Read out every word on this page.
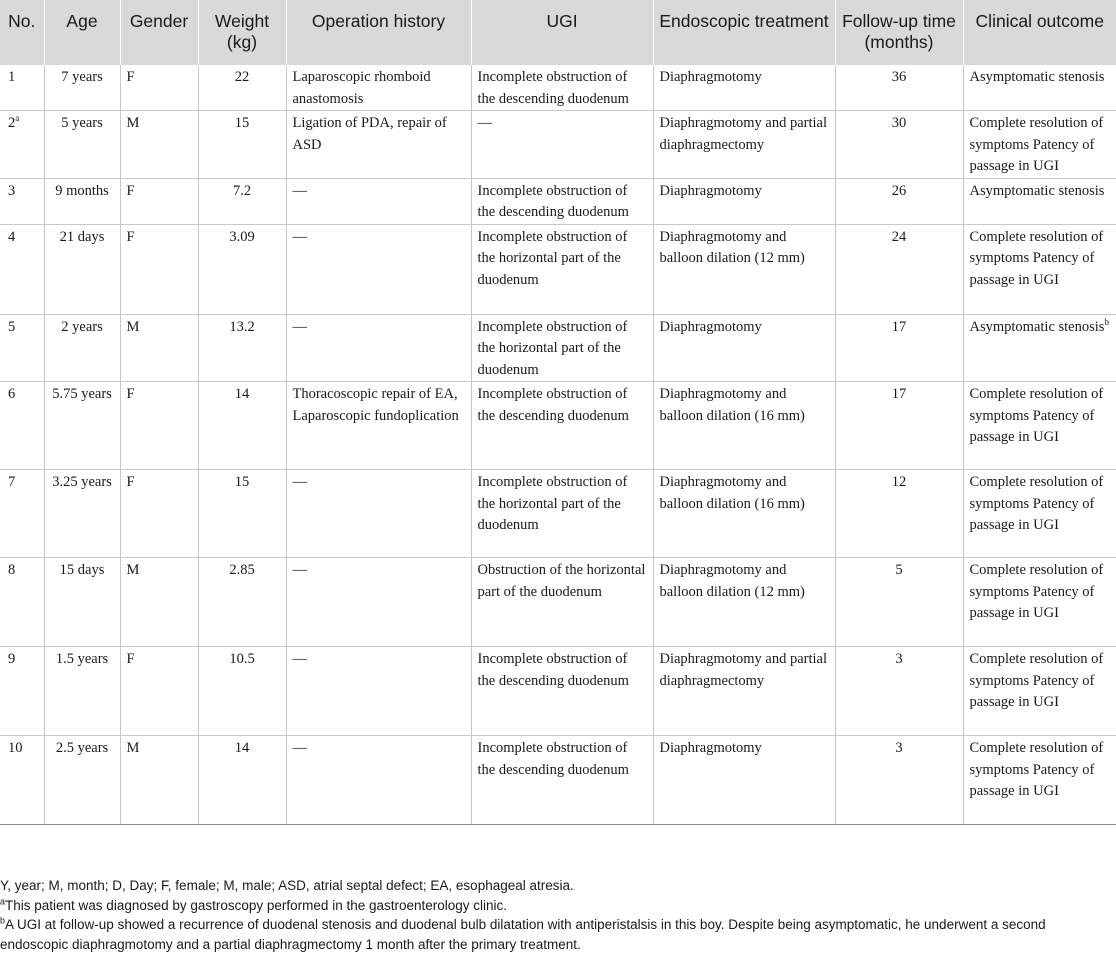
No.	Age	Gender	Weight (kg)	Operation history	UGI	Endoscopic treatment	Follow-up time (months)	Clinical outcome
1	7 years	F	22	Laparoscopic rhomboid anastomosis	Incomplete obstruction of the descending duodenum	Diaphragmotomy	36	Asymptomatic stenosis
2$^a$	5 years	M	15	Ligation of PDA, repair of ASD	—	Diaphragmotomy and partial diaphragmectomy	30	Complete resolution of symptoms Patency of passage in UGI
3	9 months	F	7.2	—	Incomplete obstruction of the descending duodenum	Diaphragmotomy	26	Asymptomatic stenosis
4	21 days	F	3.09	—	Incomplete obstruction of the horizontal part of the duodenum	Diaphragmotomy and balloon dilation (12 mm)	24	Complete resolution of symptoms Patency of passage in UGI
5	2 years	M	13.2	—	Incomplete obstruction of the horizontal part of the duodenum	Diaphragmotomy	17	Asymptomatic stenosis$^b$
6	5.75 years	F	14	Thoracoscopic repair of EA, Laparoscopic fundoplication	Incomplete obstruction of the descending duodenum	Diaphragmotomy and balloon dilation (16 mm)	17	Complete resolution of symptoms Patency of passage in UGI
7	3.25 years	F	15	—	Incomplete obstruction of the horizontal part of the duodenum	Diaphragmotomy and balloon dilation (16 mm)	12	Complete resolution of symptoms Patency of passage in UGI
8	15 days	M	2.85	—	Obstruction of the horizontal part of the duodenum	Diaphragmotomy and balloon dilation (12 mm)	5	Complete resolution of symptoms Patency of passage in UGI
9	1.5 years	F	10.5	—	Incomplete obstruction of the descending duodenum	Diaphragmotomy and partial diaphragmectomy	3	Complete resolution of symptoms Patency of passage in UGI
10	2.5 years	M	14	—	Incomplete obstruction of the descending duodenum	Diaphragmotomy	3	Complete resolution of symptoms Patency of passage in UGI

Y, year; M, month; D, Day; F, female; M, male; ASD, atrial septal defect; EA, esophageal atresia.

$^a$This patient was diagnosed by gastroscopy performed in the gastroenterology clinic.

$^b$A UGI at follow-up showed a recurrence of duodenal stenosis and duodenal bulb dilatation with antiperistalsis in this boy. Despite being asymptomatic, he underwent a second endoscopic diaphragmotomy and a partial diaphragmectomy 1 month after the primary treatment.
